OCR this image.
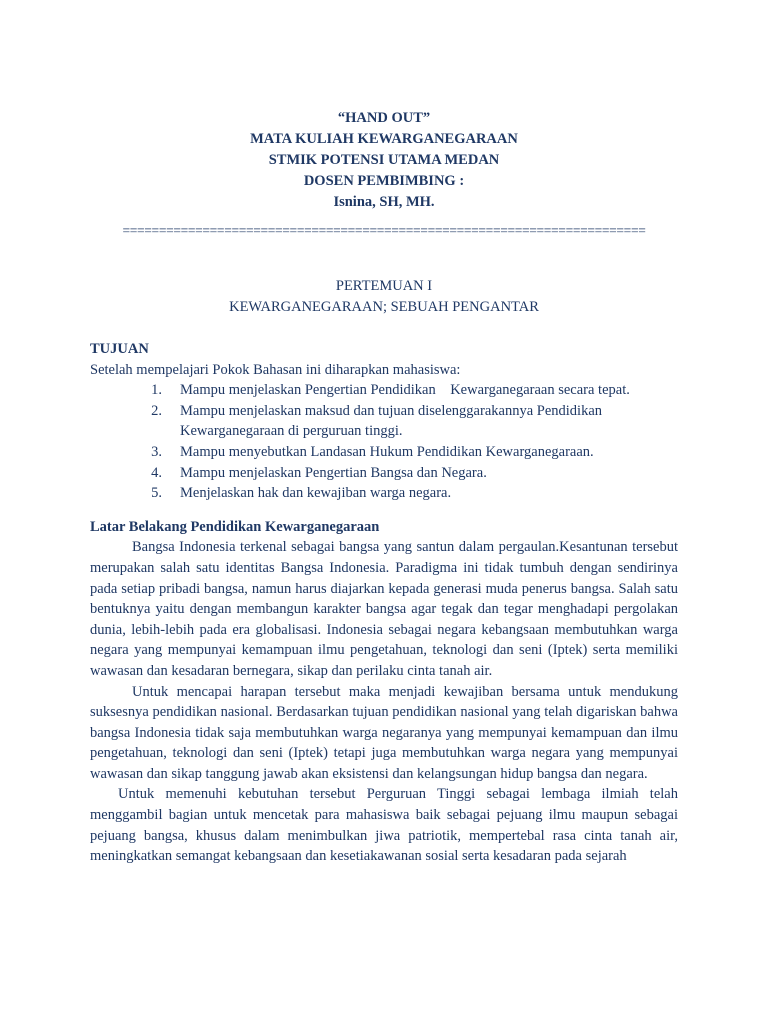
“HAND OUT”
MATA KULIAH KEWARGANEGARAAN
STMIK POTENSI UTAMA MEDAN
DOSEN PEMBIMBING :
Isnina, SH, MH.
========================================================================
PERTEMUAN I
KEWARGANEGARAAN; SEBUAH PENGANTAR
TUJUAN

Setelah mempelajari Pokok Bahasan ini diharapkan mahasiswa:

1.	Mampu menjelaskan Pengertian Pendidikan    Kewarganegaraan secara tepat.
2.	Mampu menjelaskan maksud dan tujuan diselenggarakannya Pendidikan Kewarganegaraan di perguruan tinggi.
3.	Mampu menyebutkan Landasan Hukum Pendidikan Kewarganegaraan.
4.	Mampu menjelaskan Pengertian Bangsa dan Negara.
5.	Menjelaskan hak dan kewajiban warga negara.
Latar Belakang Pendidikan Kewarganegaraan

Bangsa Indonesia terkenal sebagai bangsa yang santun dalam pergaulan.Kesantunan tersebut merupakan salah satu identitas Bangsa Indonesia. Paradigma ini tidak tumbuh dengan sendirinya pada setiap pribadi bangsa, namun harus diajarkan kepada generasi muda penerus bangsa. Salah satu bentuknya yaitu dengan membangun karakter bangsa agar tegak dan tegar menghadapi pergolakan dunia, lebih-lebih pada era globalisasi. Indonesia sebagai negara kebangsaan membutuhkan warga negara yang mempunyai kemampuan ilmu pengetahuan, teknologi dan seni (Iptek) serta memiliki wawasan dan kesadaran bernegara, sikap dan perilaku cinta tanah air.

Untuk mencapai harapan tersebut maka menjadi kewajiban bersama untuk mendukung suksesnya pendidikan nasional. Berdasarkan tujuan pendidikan nasional yang telah digariskan bahwa bangsa Indonesia tidak saja membutuhkan warga negaranya yang mempunyai kemampuan dan ilmu pengetahuan, teknologi dan seni (Iptek) tetapi juga membutuhkan warga negara yang mempunyai wawasan dan sikap tanggung jawab akan eksistensi dan kelangsungan hidup bangsa dan negara.

Untuk memenuhi kebutuhan tersebut Perguruan Tinggi sebagai lembaga ilmiah telah menggambil bagian untuk mencetak para mahasiswa baik sebagai pejuang ilmu maupun sebagai pejuang bangsa, khusus dalam menimbulkan jiwa patriotik, mempertebal rasa cinta tanah air, meningkatkan semangat kebangsaan dan kesetiakawanan sosial serta kesadaran pada sejarah
